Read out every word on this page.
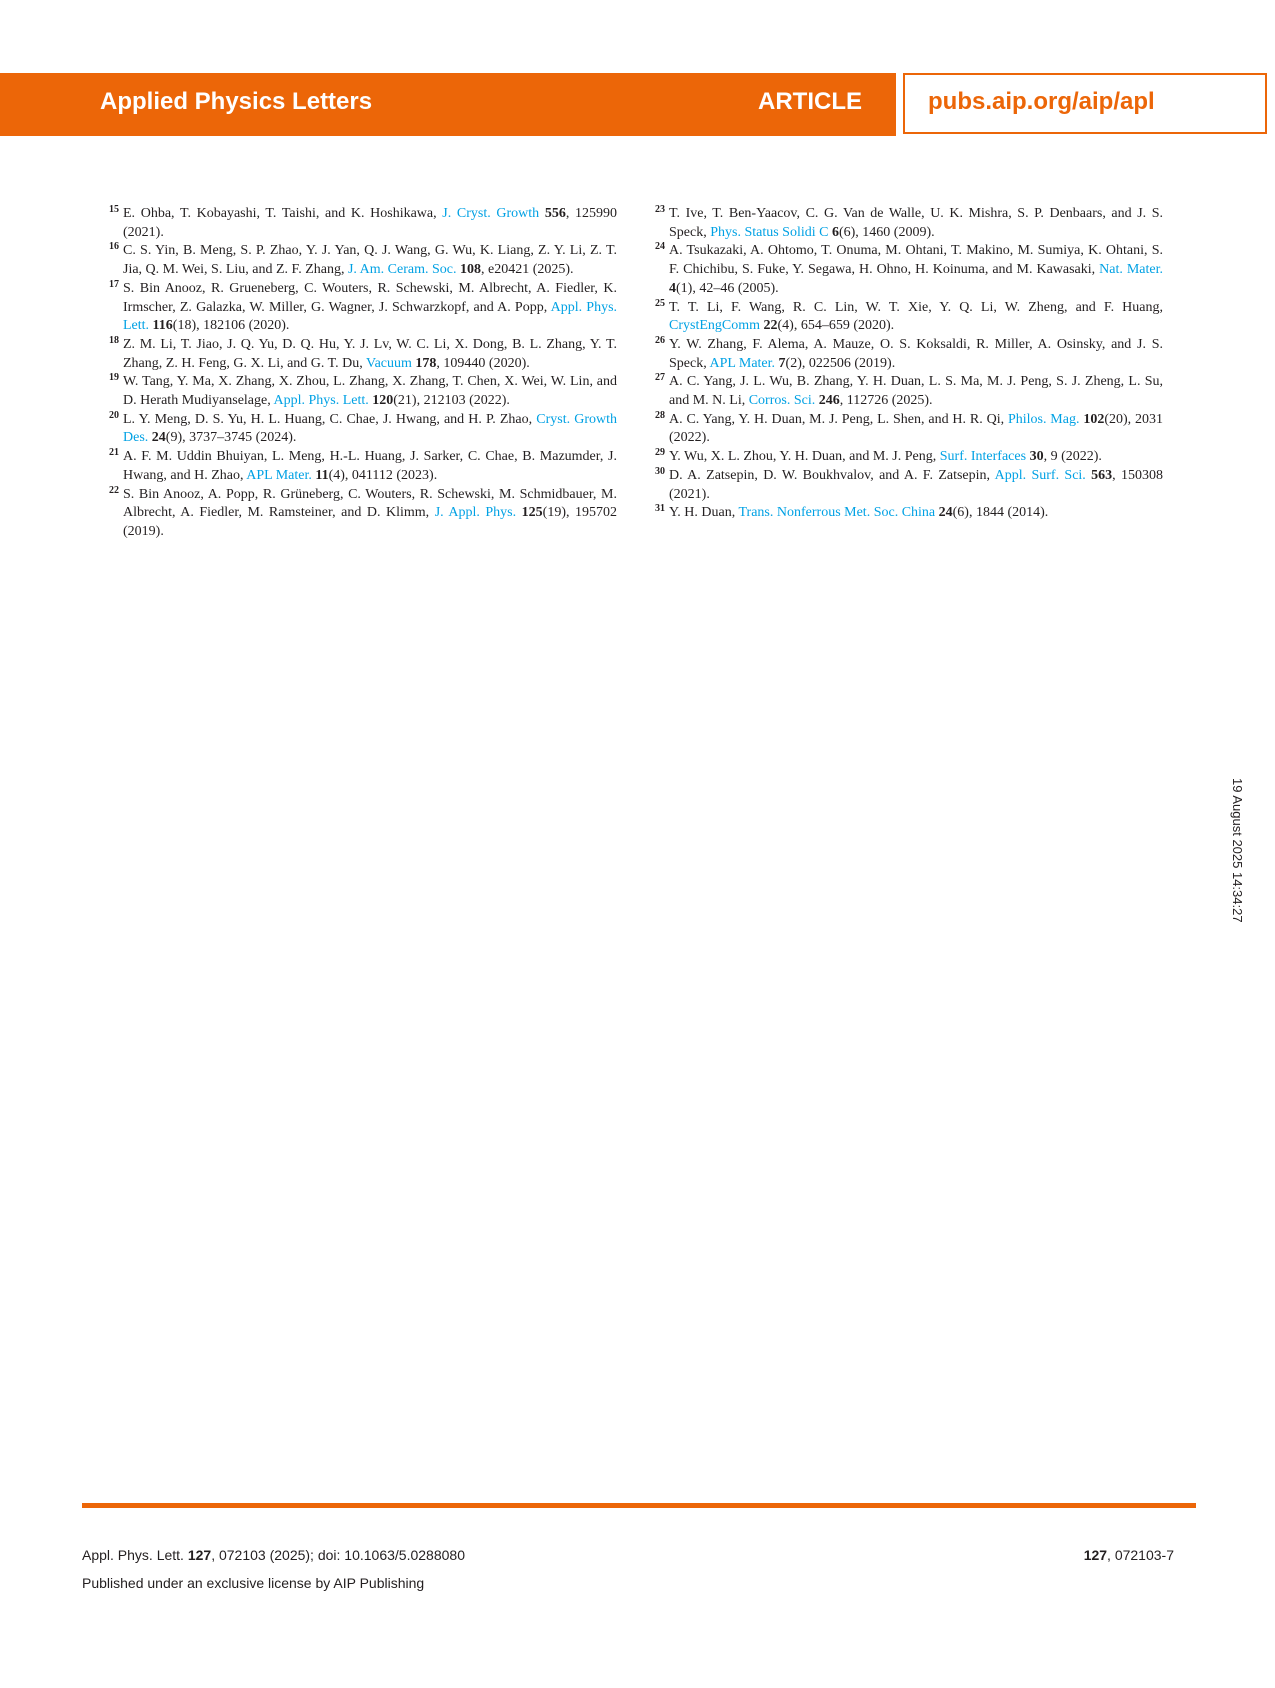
Applied Physics Letters	ARTICLE	pubs.aip.org/aip/apl
15 E. Ohba, T. Kobayashi, T. Taishi, and K. Hoshikawa, J. Cryst. Growth 556, 125990 (2021).
16 C. S. Yin, B. Meng, S. P. Zhao, Y. J. Yan, Q. J. Wang, G. Wu, K. Liang, Z. Y. Li, Z. T. Jia, Q. M. Wei, S. Liu, and Z. F. Zhang, J. Am. Ceram. Soc. 108, e20421 (2025).
17 S. Bin Anooz, R. Grueneberg, C. Wouters, R. Schewski, M. Albrecht, A. Fiedler, K. Irmscher, Z. Galazka, W. Miller, G. Wagner, J. Schwarzkopf, and A. Popp, Appl. Phys. Lett. 116(18), 182106 (2020).
18 Z. M. Li, T. Jiao, J. Q. Yu, D. Q. Hu, Y. J. Lv, W. C. Li, X. Dong, B. L. Zhang, Y. T. Zhang, Z. H. Feng, G. X. Li, and G. T. Du, Vacuum 178, 109440 (2020).
19 W. Tang, Y. Ma, X. Zhang, X. Zhou, L. Zhang, X. Zhang, T. Chen, X. Wei, W. Lin, and D. Herath Mudiyanselage, Appl. Phys. Lett. 120(21), 212103 (2022).
20 L. Y. Meng, D. S. Yu, H. L. Huang, C. Chae, J. Hwang, and H. P. Zhao, Cryst. Growth Des. 24(9), 3737–3745 (2024).
21 A. F. M. Uddin Bhuiyan, L. Meng, H.-L. Huang, J. Sarker, C. Chae, B. Mazumder, J. Hwang, and H. Zhao, APL Mater. 11(4), 041112 (2023).
22 S. Bin Anooz, A. Popp, R. Grüneberg, C. Wouters, R. Schewski, M. Schmidbauer, M. Albrecht, A. Fiedler, M. Ramsteiner, and D. Klimm, J. Appl. Phys. 125(19), 195702 (2019).
23 T. Ive, T. Ben-Yaacov, C. G. Van de Walle, U. K. Mishra, S. P. Denbaars, and J. S. Speck, Phys. Status Solidi C 6(6), 1460 (2009).
24 A. Tsukazaki, A. Ohtomo, T. Onuma, M. Ohtani, T. Makino, M. Sumiya, K. Ohtani, S. F. Chichibu, S. Fuke, Y. Segawa, H. Ohno, H. Koinuma, and M. Kawasaki, Nat. Mater. 4(1), 42–46 (2005).
25 T. T. Li, F. Wang, R. C. Lin, W. T. Xie, Y. Q. Li, W. Zheng, and F. Huang, CrystEngComm 22(4), 654–659 (2020).
26 Y. W. Zhang, F. Alema, A. Mauze, O. S. Koksaldi, R. Miller, A. Osinsky, and J. S. Speck, APL Mater. 7(2), 022506 (2019).
27 A. C. Yang, J. L. Wu, B. Zhang, Y. H. Duan, L. S. Ma, M. J. Peng, S. J. Zheng, L. Su, and M. N. Li, Corros. Sci. 246, 112726 (2025).
28 A. C. Yang, Y. H. Duan, M. J. Peng, L. Shen, and H. R. Qi, Philos. Mag. 102(20), 2031 (2022).
29 Y. Wu, X. L. Zhou, Y. H. Duan, and M. J. Peng, Surf. Interfaces 30, 9 (2022).
30 D. A. Zatsepin, D. W. Boukhvalov, and A. F. Zatsepin, Appl. Surf. Sci. 563, 150308 (2021).
31 Y. H. Duan, Trans. Nonferrous Met. Soc. China 24(6), 1844 (2014).
19 August 2025 14:34:27
Appl. Phys. Lett. 127, 072103 (2025); doi: 10.1063/5.0288080	127, 072103-7
Published under an exclusive license by AIP Publishing
